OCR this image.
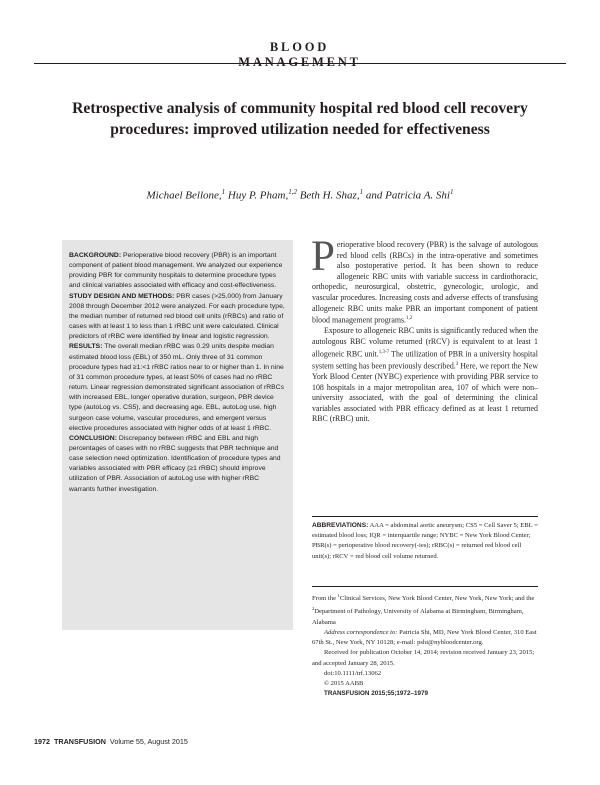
BLOOD MANAGEMENT
Retrospective analysis of community hospital red blood cell recovery procedures: improved utilization needed for effectiveness
Michael Bellone,$^1$ Huy P. Pham,$^{1,2}$ Beth H. Shaz,$^1$ and Patricia A. Shi$^1$

BACKGROUND: Perioperative blood recovery (PBR) is an important component of patient blood management. We analyzed our experience providing PBR for community hospitals to determine procedure types and clinical variables associated with efficacy and cost-effectiveness.

STUDY DESIGN AND METHODS: PBR cases (>25,000) from January 2008 through December 2012 were analyzed. For each procedure type, the median number of returned red blood cell units (rRBCs) and ratio of cases with at least 1 to less than 1 rRBC unit were calculated. Clinical predictors of rRBC were identified by linear and logistic regression.

RESULTS: The overall median rRBC was 0.29 units despite median estimated blood loss (EBL) of 350 mL. Only three of 31 common procedure types had ≥1:<1 rRBC ratios near to or higher than 1. In nine of 31 common procedure types, at least 50% of cases had no rRBC return. Linear regression demonstrated significant association of rRBCs with increased EBL, longer operative duration, surgeon, PBR device type (autoLog vs. CS5), and decreasing age. EBL, autoLog use, high surgeon case volume, vascular procedures, and emergent versus elective procedures associated with higher odds of at least 1 rRBC.

CONCLUSION: Discrepancy between rRBC and EBL and high percentages of cases with no rRBC suggests that PBR technique and case selection need optimization. Identification of procedure types and variables associated with PBR efficacy (≥1 rRBC) should improve utilization of PBR. Association of autoLog use with higher rRBC warrants further investigation.

Perioperative blood recovery (PBR) is the salvage of autologous red blood cells (RBCs) in the intra-operative and sometimes also postoperative period. It has been shown to reduce allogeneic RBC units with variable success in cardiothoracic, orthopedic, neurosurgical, obstetric, gynecologic, urologic, and vascular procedures. Increasing costs and adverse effects of transfusing allogeneic RBC units make PBR an important component of patient blood management programs.$^{1,2}$

Exposure to allogeneic RBC units is significantly reduced when the autologous RBC volume returned (rRCV) is equivalent to at least 1 allogeneic RBC unit.$^{1,3-7}$ The utilization of PBR in a university hospital system setting has been previously described.$^3$ Here, we report the New York Blood Center (NYBC) experience with providing PBR service to 108 hospitals in a major metropolitan area, 107 of which were non–university associated, with the goal of determining the clinical variables associated with PBR efficacy defined as at least 1 returned RBC (rRBC) unit.

ABBREVIATIONS: AAA = abdominal aortic aneurysm; CS5 = Cell Saver 5; EBL = estimated blood loss; IQR = interquartile range; NYBC = New York Blood Center; PBR(s) = perioperative blood recovery(-ies); rRBC(s) = returned red blood cell unit(s); rRCV = red blood cell volume returned.

From the $^1$Clinical Services, New York Blood Center, New York, New York; and the $^2$Department of Pathology, University of Alabama at Birmingham, Birmingham, Alabama

Address correspondence to: Patricia Shi, MD, New York Blood Center, 310 East 67th St., New York, NY 10128; e-mail: pshi@nybloodcenter.org.

Received for publication October 14, 2014; revision received January 23, 2015; and accepted January 28, 2015.

doi:10.1111/trf.13062

© 2015 AABB

TRANSFUSION 2015;55;1972–1979

1972 TRANSFUSION Volume 55, August 2015
